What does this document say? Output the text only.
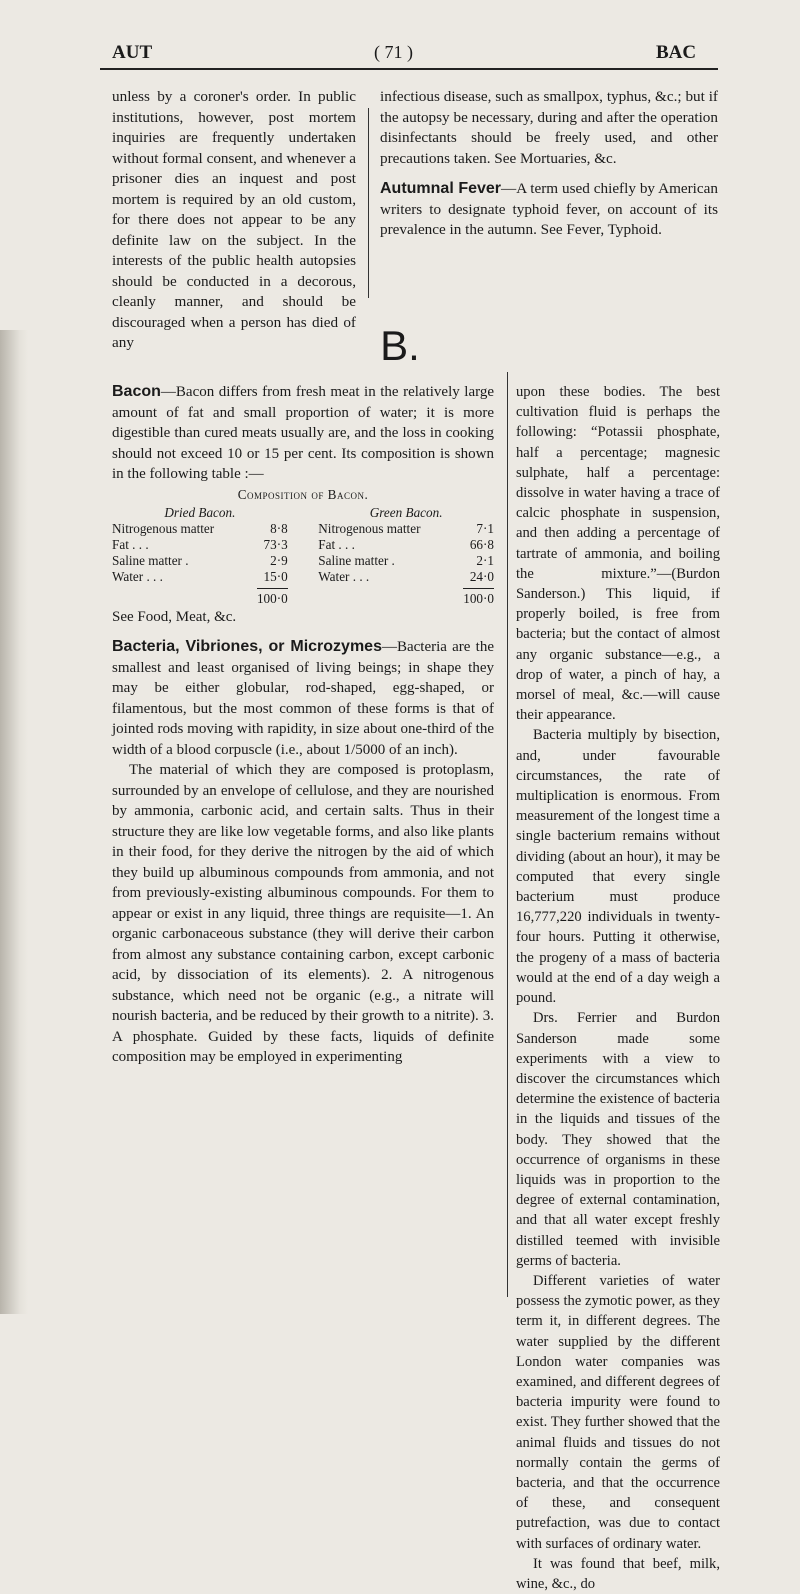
AUT	( 71 )	BAC

unless by a coroner's order. In public institutions, however, post mortem inquiries are frequently undertaken without formal consent, and whenever a prisoner dies an inquest and post mortem is required by an old custom, for there does not appear to be any definite law on the subject. In the interests of the public health autopsies should be conducted in a decorous, cleanly manner, and should be discouraged when a person has died of any

infectious disease, such as smallpox, typhus, &c.; but if the autopsy be necessary, during and after the operation disinfectants should be freely used, and other precautions taken. See Mortuaries, &c.

Autumnal Fever—A term used chiefly by American writers to designate typhoid fever, on account of its prevalence in the autumn. See Fever, Typhoid.

B.

Bacon—Bacon differs from fresh meat in the relatively large amount of fat and small proportion of water; it is more digestible than cured meats usually are, and the loss in cooking should not exceed 10 or 15 per cent. Its composition is shown in the following table :—

Composition of Bacon.
Dried Bacon.
Nitrogenous matter	8·8
Fat . . .	73·3
Saline matter .	2·9
Water . . .	15·0
100·0
Green Bacon.
Nitrogenous matter	7·1
Fat . . .	66·8
Saline matter .	2·1
Water . . .	24·0
100·0

See Food, Meat, &c.

Bacteria, Vibriones, or Microzymes—Bacteria are the smallest and least organised of living beings; in shape they may be either globular, rod-shaped, egg-shaped, or filamentous, but the most common of these forms is that of jointed rods moving with rapidity, in size about one-third of the width of a blood corpuscle (i.e., about 1/5000 of an inch).

The material of which they are composed is protoplasm, surrounded by an envelope of cellulose, and they are nourished by ammonia, carbonic acid, and certain salts. Thus in their structure they are like low vegetable forms, and also like plants in their food, for they derive the nitrogen by the aid of which they build up albuminous compounds from ammonia, and not from previously-existing albuminous compounds. For them to appear or exist in any liquid, three things are requisite—1. An organic carbonaceous substance (they will derive their carbon from almost any substance containing carbon, except carbonic acid, by dissociation of its elements). 2. A nitrogenous substance, which need not be organic (e.g., a nitrate will nourish bacteria, and be reduced by their growth to a nitrite). 3. A phosphate. Guided by these facts, liquids of definite composition may be employed in experimenting

upon these bodies. The best cultivation fluid is perhaps the following: “Potassii phosphate, half a percentage; magnesic sulphate, half a percentage: dissolve in water having a trace of calcic phosphate in suspension, and then adding a percentage of tartrate of ammonia, and boiling the mixture.”—(Burdon Sanderson.) This liquid, if properly boiled, is free from bacteria; but the contact of almost any organic substance—e.g., a drop of water, a pinch of hay, a morsel of meal, &c.—will cause their appearance.

Bacteria multiply by bisection, and, under favourable circumstances, the rate of multiplication is enormous. From measurement of the longest time a single bacterium remains without dividing (about an hour), it may be computed that every single bacterium must produce 16,777,220 individuals in twenty-four hours. Putting it otherwise, the progeny of a mass of bacteria would at the end of a day weigh a pound.

Drs. Ferrier and Burdon Sanderson made some experiments with a view to discover the circumstances which determine the existence of bacteria in the liquids and tissues of the body. They showed that the occurrence of organisms in these liquids was in proportion to the degree of external contamination, and that all water except freshly distilled teemed with invisible germs of bacteria.

Different varieties of water possess the zymotic power, as they term it, in different degrees. The water supplied by the different London water companies was examined, and different degrees of bacteria impurity were found to exist. They further showed that the animal fluids and tissues do not normally contain the germs of bacteria, and that the occurrence of these, and consequent putrefaction, was due to contact with surfaces of ordinary water.

It was found that beef, milk, wine, &c., do
